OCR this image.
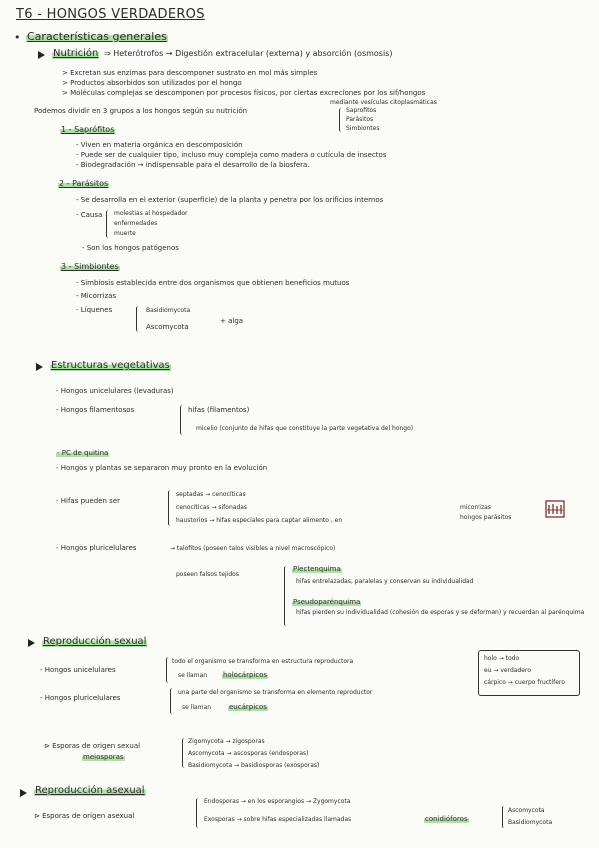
T6 - HONGOS VERDADEROS
• Características generales
Nutrición ⇒ Heterótrofos → Digestión extracelular (externa) y absorción (osmosis)
> Excretan sus enzimas para descomponer sustrato en mol más simples
> Productos absorbidos son utilizados por el hongo
> Moléculas complejas se descomponen por procesos físicos, por ciertas excreciones por los sif/hongos
mediante vesículas citoplasmáticas
Podemos dividir en 3 grupos a los hongos según su nutrición	Saprofitos
Parásitos
Simbiontes
1 - Saprófitos
- Viven en materia orgánica en descomposición
- Puede ser de cualquier tipo, incluso muy compleja como madera o cutícula de insectos
- Biodegradación → indispensable para el desarrollo de la biosfera.
2 - Parásitos
- Se desarrolla en el exterior (superficie) de la planta y penetra por los orificios internos
- Causa molestias al hospedador
enfermedades
muerte
- Son los hongos patógenos
3 - Simbiontes
- Simbiosis establecida entre dos organismos que obtienen beneficios mutuos
- Micorrizas
- Líquenes	Basidiomycota
Ascomycota
+ alga
Estructuras vegetativas
- Hongos unicelulares (levaduras)
- Hongos filamentosos	hifas (filamentos)
micelio (conjunto de hifas que constituye la parte vegetativa del hongo)
- PC de quitina
- Hongos y plantas se separaron muy pronto en la evolución
- Hifas pueden ser
septadas → cenocíticas
cenocíticas → sifonadas
haustorios → hifas especiales para captar alimento , en
micorrizas
hongos parásitos
- Hongos pluricelulares	→ talofitos (poseen talos visibles a nivel macroscópico)
poseen falsos tejidos
Plectenquima
hifas entrelazadas, paralelas y conservan su individualidad
Pseudoparénquima
hifas pierden su individualidad (cohesión de esporas y se deforman) y recuerdan al parénquima
Reproducción sexual
- Hongos unicelulares
todo el organismo se transforma en estructura reproductora
se llaman holocárpicos
- Hongos pluricelulares
una parte del organismo se transforma en elemento reproductor
se llaman	eucárpicos
holo → todo
eu → verdadero
cárpico → cuerpo fructífero
⊳ Esporas de origen sexual
meiosporas
Zigomycota → zigosporas
Ascomycota → ascosporas (endosporas)
Basidiomycota → basidiosporas (exosporas)
Reproducción asexual
⊳ Esporas de origen asexual
Endosporas → en los esporangios → Zygomycota
Exosporas → sobre hifas especializadas llamadas	conidióforos
Ascomycota
Basidiomycota
